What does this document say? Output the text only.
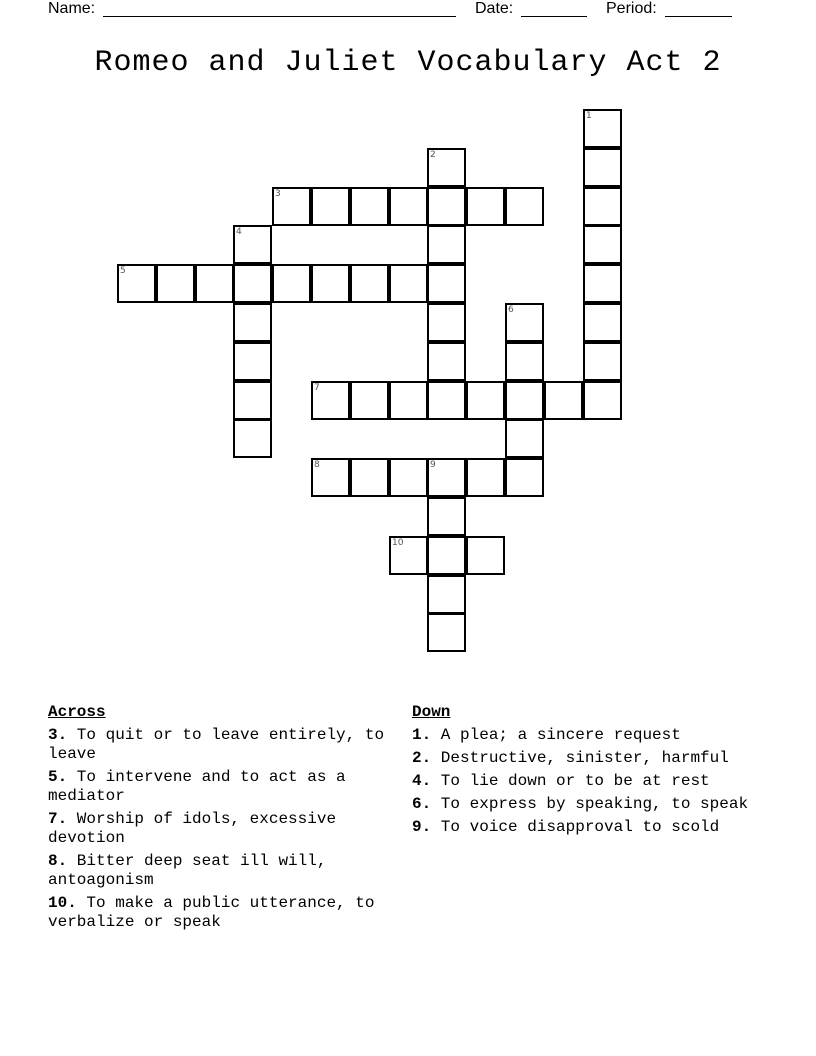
Name:	Date:	Period:
Romeo and Juliet Vocabulary Act 2
1
2
3
4
5
6
7
8	9
10
Across
3. To quit or to leave entirely, to leave
5. To intervene and to act as a mediator
7. Worship of idols, excessive devotion
8. Bitter deep seat ill will, antoagonism
10. To make a public utterance, to verbalize or speak
Down
1. A plea; a sincere request
2. Destructive, sinister, harmful
4. To lie down or to be at rest
6. To express by speaking, to speak
9. To voice disapproval to scold
